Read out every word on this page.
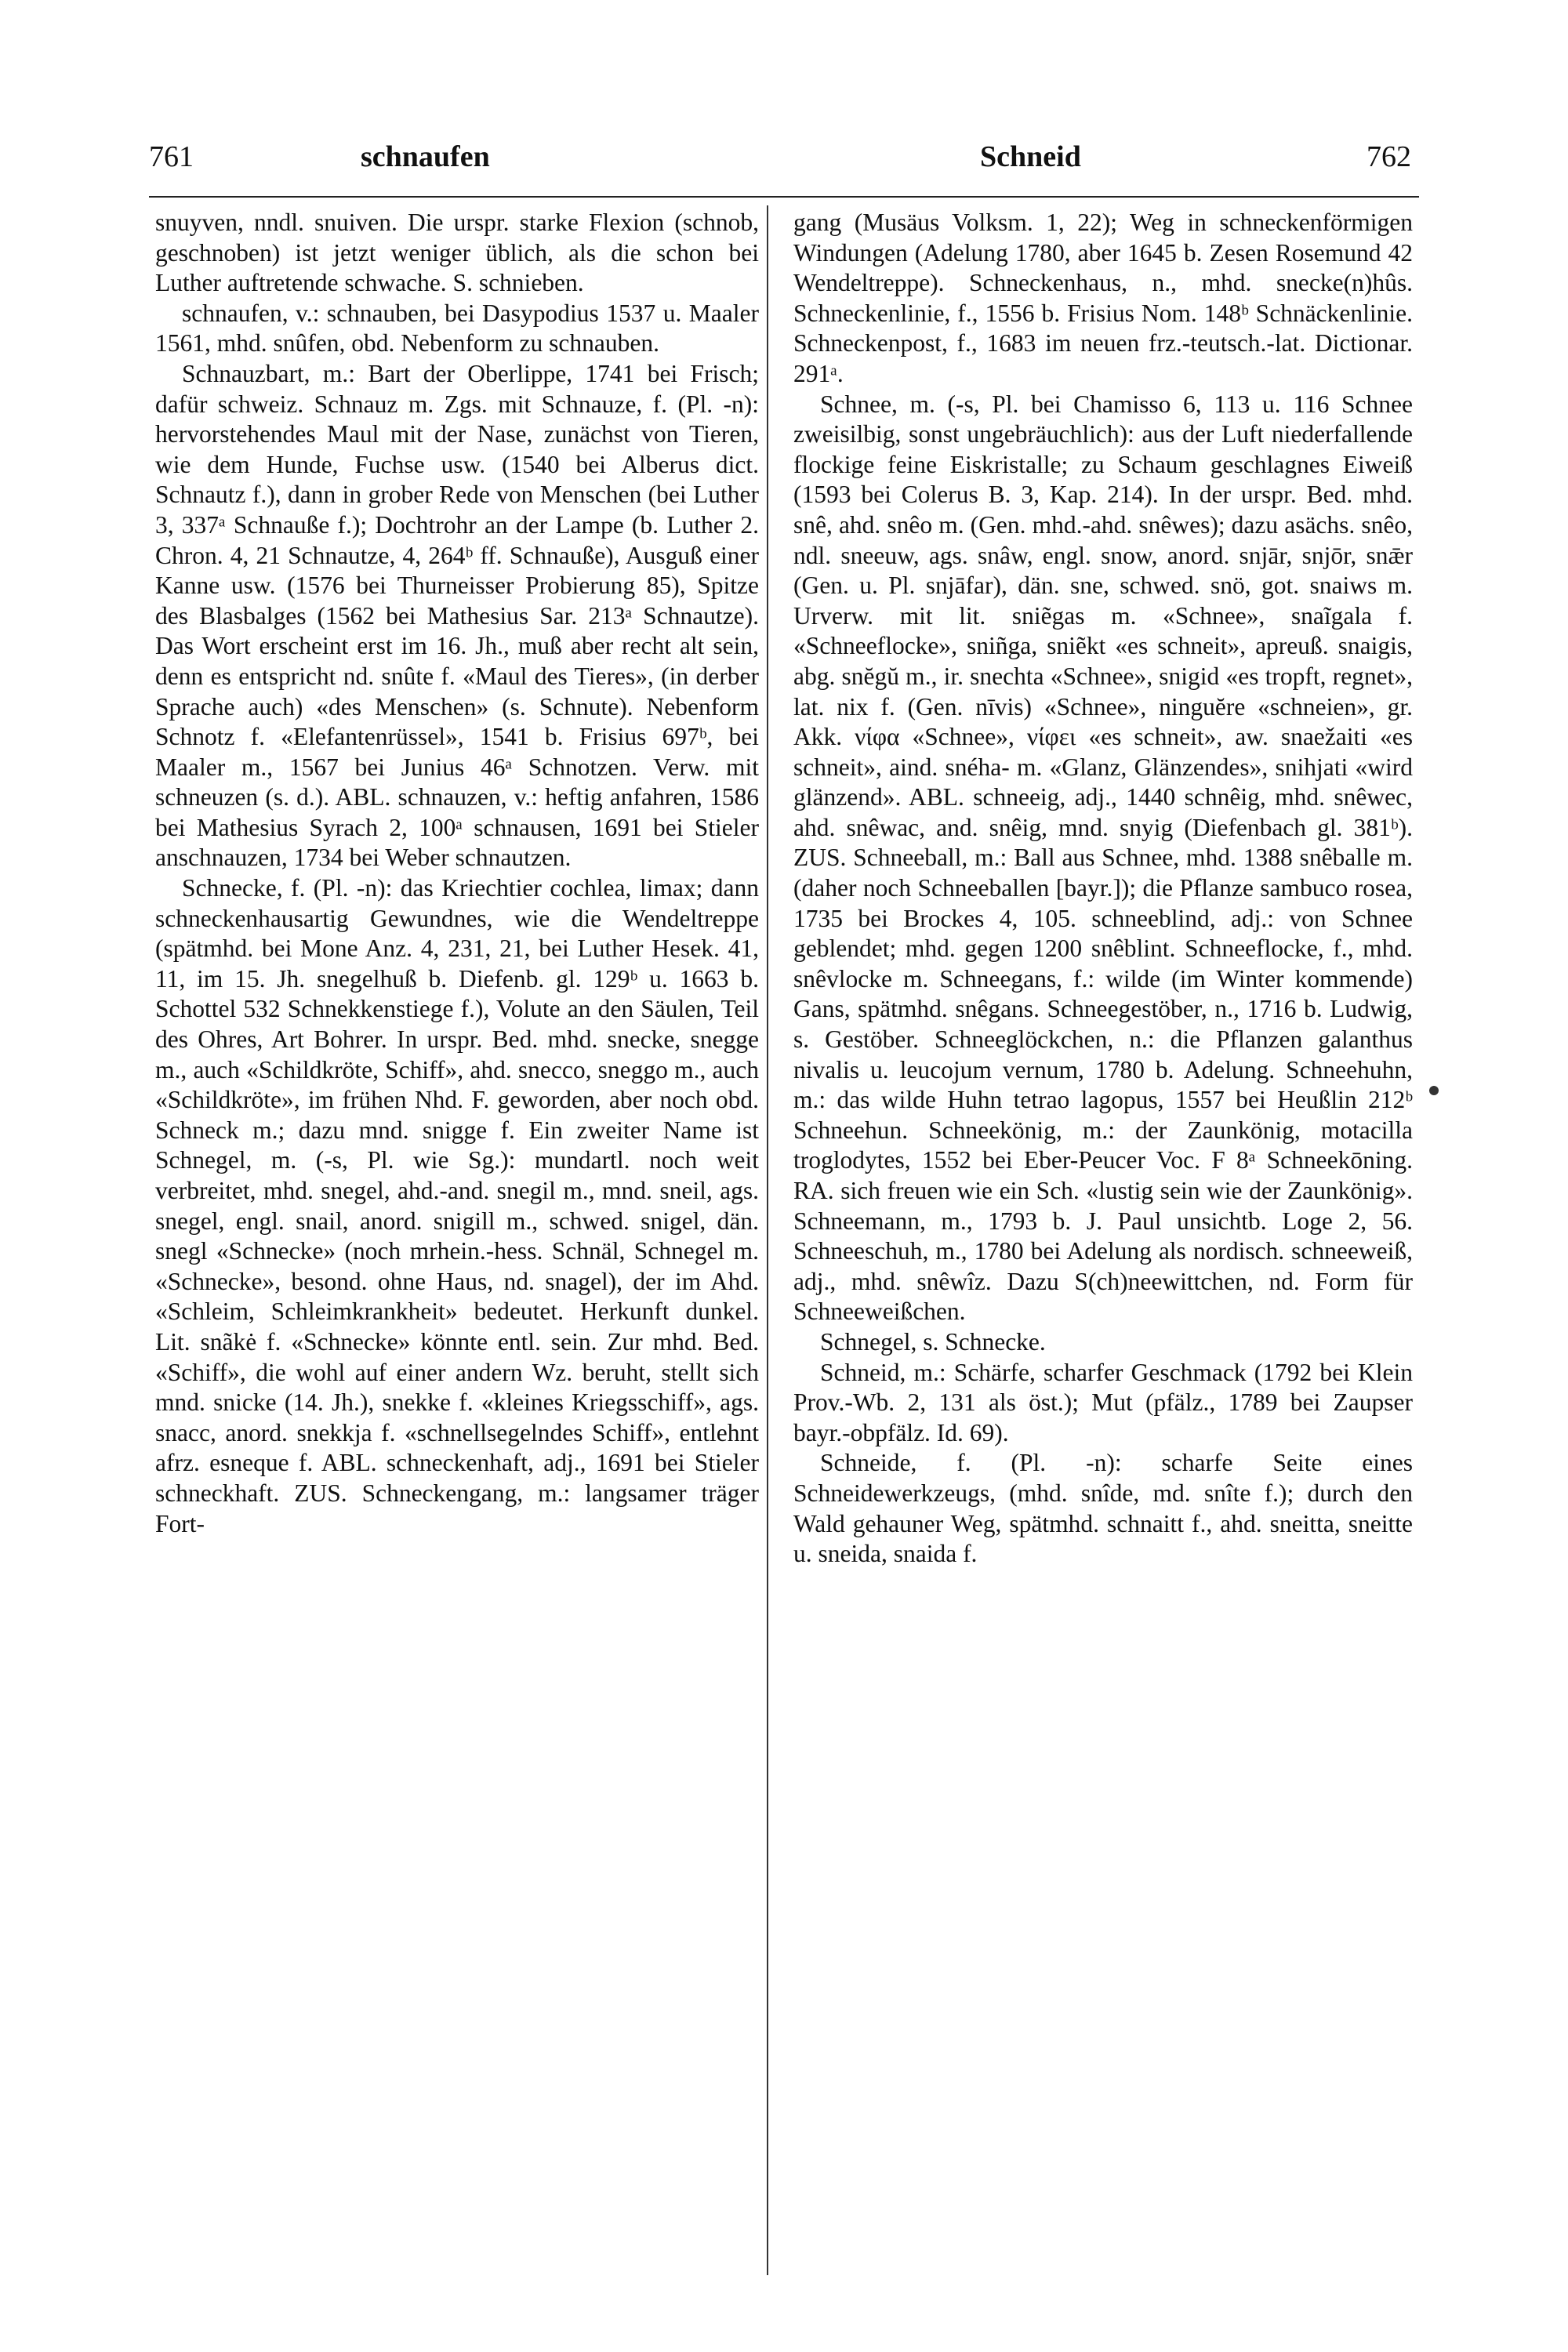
761	schnaufen	Schneid	762

snuyven, nndl. snuiven. Die urspr. starke Flexion (schnob, geschnoben) ist jetzt weniger üblich, als die schon bei Luther auftretende schwache. S. schnieben.

schnaufen, v.: schnauben, bei Dasypodius 1537 u. Maaler 1561, mhd. snûfen, obd. Nebenform zu schnauben.

Schnauzbart, m.: Bart der Oberlippe, 1741 bei Frisch; dafür schweiz. Schnauz m. Zgs. mit Schnauze, f. (Pl. -n): hervorstehendes Maul mit der Nase, zunächst von Tieren, wie dem Hunde, Fuchse usw. (1540 bei Alberus dict. Schnautz f.), dann in grober Rede von Menschen (bei Luther 3, 337ᵃ Schnauße f.); Dochtrohr an der Lampe (b. Luther 2. Chron. 4, 21 Schnautze, 4, 264ᵇ ff. Schnauße), Ausguß einer Kanne usw. (1576 bei Thurneisser Probierung 85), Spitze des Blasbalges (1562 bei Mathesius Sar. 213ᵃ Schnautze). Das Wort erscheint erst im 16. Jh., muß aber recht alt sein, denn es entspricht nd. snûte f. «Maul des Tieres», (in derber Sprache auch) «des Menschen» (s. Schnute). Nebenform Schnotz f. «Elefantenrüssel», 1541 b. Frisius 697ᵇ, bei Maaler m., 1567 bei Junius 46ᵃ Schnotzen. Verw. mit schneuzen (s. d.). ABL. schnauzen, v.: heftig anfahren, 1586 bei Mathesius Syrach 2, 100ᵃ schnausen, 1691 bei Stieler anschnauzen, 1734 bei Weber schnautzen.

Schnecke, f. (Pl. -n): das Kriechtier cochlea, limax; dann schneckenhausartig Gewundnes, wie die Wendeltreppe (spätmhd. bei Mone Anz. 4, 231, 21, bei Luther Hesek. 41, 11, im 15. Jh. snegelhuß b. Diefenb. gl. 129ᵇ u. 1663 b. Schottel 532 Schnekkenstiege f.), Volute an den Säulen, Teil des Ohres, Art Bohrer. In urspr. Bed. mhd. snecke, snegge m., auch «Schildkröte, Schiff», ahd. snecco, sneggo m., auch «Schildkröte», im frühen Nhd. F. geworden, aber noch obd. Schneck m.; dazu mnd. snigge f. Ein zweiter Name ist Schnegel, m. (-s, Pl. wie Sg.): mundartl. noch weit verbreitet, mhd. snegel, ahd.-and. snegil m., mnd. sneil, ags. snegel, engl. snail, anord. snigill m., schwed. snigel, dän. snegl «Schnecke» (noch mrhein.-hess. Schnäl, Schnegel m. «Schnecke», besond. ohne Haus, nd. snagel), der im Ahd. «Schleim, Schleimkrankheit» bedeutet. Herkunft dunkel. Lit. snãkė f. «Schnecke» könnte entl. sein. Zur mhd. Bed. «Schiff», die wohl auf einer andern Wz. beruht, stellt sich mnd. snicke (14. Jh.), snekke f. «kleines Kriegsschiff», ags. snacc, anord. snekkja f. «schnellsegelndes Schiff», entlehnt afrz. esneque f. ABL. schneckenhaft, adj., 1691 bei Stieler schneckhaft. ZUS. Schneckengang, m.: langsamer träger Fort-

gang (Musäus Volksm. 1, 22); Weg in schneckenförmigen Windungen (Adelung 1780, aber 1645 b. Zesen Rosemund 42 Wendeltreppe). Schneckenhaus, n., mhd. snecke(n)hûs. Schneckenlinie, f., 1556 b. Frisius Nom. 148ᵇ Schnäckenlinie. Schneckenpost, f., 1683 im neuen frz.-teutsch.-lat. Dictionar. 291ᵃ.

Schnee, m. (-s, Pl. bei Chamisso 6, 113 u. 116 Schnee zweisilbig, sonst ungebräuchlich): aus der Luft niederfallende flockige feine Eiskristalle; zu Schaum geschlagnes Eiweiß (1593 bei Colerus B. 3, Kap. 214). In der urspr. Bed. mhd. snê, ahd. snêo m. (Gen. mhd.-ahd. snêwes); dazu asächs. snêo, ndl. sneeuw, ags. snâw, engl. snow, anord. snjār, snjōr, snǣr (Gen. u. Pl. snjāfar), dän. sne, schwed. snö, got. snaiws m. Urverw. mit lit. sniẽgas m. «Schnee», snaĩgala f. «Schneeflocke», sniñga, sniẽkt «es schneit», apreuß. snaigis, abg. snĕgŭ m., ir. snechta «Schnee», snigid «es tropft, regnet», lat. nix f. (Gen. nīvis) «Schnee», ninguĕre «schneien», gr. Akk. νίφα «Schnee», νίφει «es schneit», aw. snaežaiti «es schneit», aind. snéha- m. «Glanz, Glänzendes», snihjati «wird glänzend». ABL. schneeig, adj., 1440 schnêig, mhd. snêwec, ahd. snêwac, and. snêig, mnd. snyig (Diefenbach gl. 381ᵇ). ZUS. Schneeball, m.: Ball aus Schnee, mhd. 1388 snêballe m. (daher noch Schneeballen [bayr.]); die Pflanze sambuco rosea, 1735 bei Brockes 4, 105. schneeblind, adj.: von Schnee geblendet; mhd. gegen 1200 snêblint. Schneeflocke, f., mhd. snêvlocke m. Schneegans, f.: wilde (im Winter kommende) Gans, spätmhd. snêgans. Schneegestöber, n., 1716 b. Ludwig, s. Gestöber. Schneeglöckchen, n.: die Pflanzen galanthus nivalis u. leucojum vernum, 1780 b. Adelung. Schneehuhn, m.: das wilde Huhn tetrao lagopus, 1557 bei Heußlin 212ᵇ Schneehun. Schneekönig, m.: der Zaunkönig, motacilla troglodytes, 1552 bei Eber-Peucer Voc. F 8ᵃ Schneekōning. RA. sich freuen wie ein Sch. «lustig sein wie der Zaunkönig». Schneemann, m., 1793 b. J. Paul unsichtb. Loge 2, 56. Schneeschuh, m., 1780 bei Adelung als nordisch. schneeweiß, adj., mhd. snêwîz. Dazu S(ch)neewittchen, nd. Form für Schneeweißchen.

Schnegel, s. Schnecke.

Schneid, m.: Schärfe, scharfer Geschmack (1792 bei Klein Prov.-Wb. 2, 131 als öst.); Mut (pfälz., 1789 bei Zaupser bayr.-obpfälz. Id. 69).

Schneide, f. (Pl. -n): scharfe Seite eines Schneidewerkzeugs, (mhd. snîde, md. snîte f.); durch den Wald gehauner Weg, spätmhd. schnaitt f., ahd. sneitta, sneitte u. sneida, snaida f.
